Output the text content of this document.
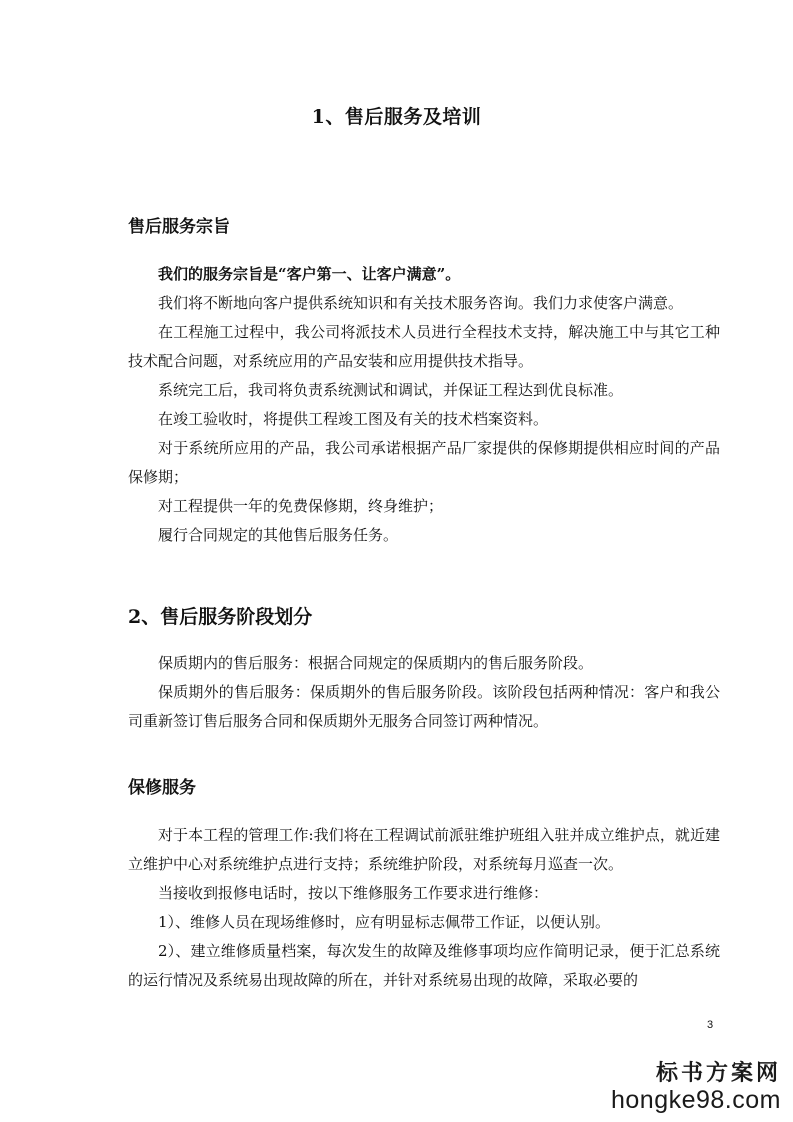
1、售后服务及培训
售后服务宗旨

我们的服务宗旨是“客户第一、让客户满意”。

我们将不断地向客户提供系统知识和有关技术服务咨询。我们力求使客户满意。

在工程施工过程中，我公司将派技术人员进行全程技术支持，解决施工中与其它工种技术配合问题，对系统应用的产品安装和应用提供技术指导。

系统完工后，我司将负责系统测试和调试，并保证工程达到优良标准。

在竣工验收时，将提供工程竣工图及有关的技术档案资料。

对于系统所应用的产品，我公司承诺根据产品厂家提供的保修期提供相应时间的产品保修期；

对工程提供一年的免费保修期，终身维护；

履行合同规定的其他售后服务任务。

2、售后服务阶段划分

保质期内的售后服务：根据合同规定的保质期内的售后服务阶段。

保质期外的售后服务：保质期外的售后服务阶段。该阶段包括两种情况：客户和我公司重新签订售后服务合同和保质期外无服务合同签订两种情况。

保修服务

对于本工程的管理工作:我们将在工程调试前派驻维护班组入驻并成立维护点，就近建立维护中心对系统维护点进行支持；系统维护阶段，对系统每月巡查一次。

当接收到报修电话时，按以下维修服务工作要求进行维修：

1）、维修人员在现场维修时，应有明显标志佩带工作证，以便认别。

2）、建立维修质量档案，每次发生的故障及维修事项均应作简明记录，便于汇总系统的运行情况及系统易出现故障的所在，并针对系统易出现的故障，采取必要的

3
标书方案网
hongke98.com
